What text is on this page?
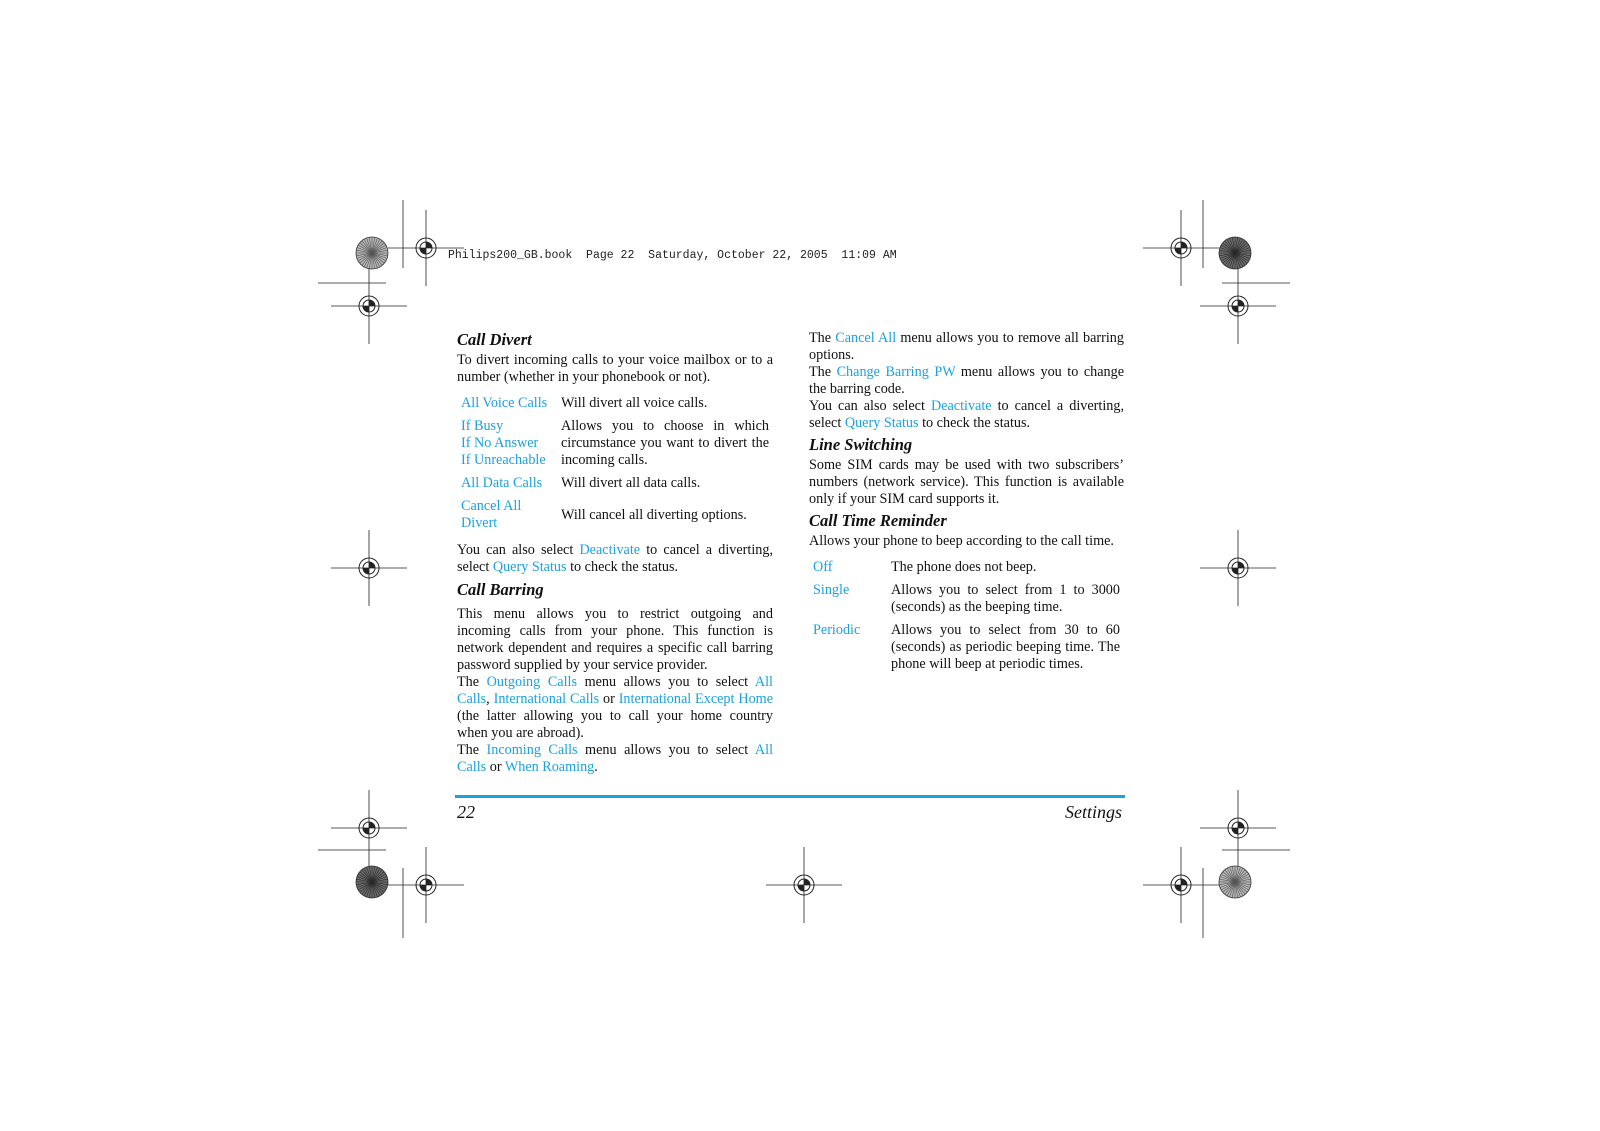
Philips200_GB.book Page 22 Saturday, October 22, 2005 11:09 AM
Call Divert

To divert incoming calls to your voice mailbox or to a number (whether in your phonebook or not).

All Voice Calls	Will divert all voice calls.

If Busy
If No Answer
If Unreachable	Allows you to choose in which circumstance you want to divert the incoming calls.
All Data Calls	Will divert all data calls.

Cancel All
Divert	Will cancel all diverting options.

You can also select Deactivate to cancel a diverting, select Query Status to check the status.

Call Barring

This menu allows you to restrict outgoing and incoming calls from your phone. This function is network dependent and requires a specific call barring password supplied by your service provider.

The Outgoing Calls menu allows you to select All Calls, International Calls or International Except Home (the latter allowing you to call your home country when you are abroad).

The Incoming Calls menu allows you to select All Calls or When Roaming.

The Cancel All menu allows you to remove all barring options.

The Change Barring PW menu allows you to change the barring code.

You can also select Deactivate to cancel a diverting, select Query Status to check the status.

Line Switching

Some SIM cards may be used with two subscribers’ numbers (network service). This function is available only if your SIM card supports it.

Call Time Reminder

Allows your phone to beep according to the call time.

Off	The phone does not beep.
Single	Allows you to select from 1 to 3000 (seconds) as the beeping time.
Periodic	Allows you to select from 30 to 60 (seconds) as periodic beeping time. The phone will beep at periodic times.
22	Settings
